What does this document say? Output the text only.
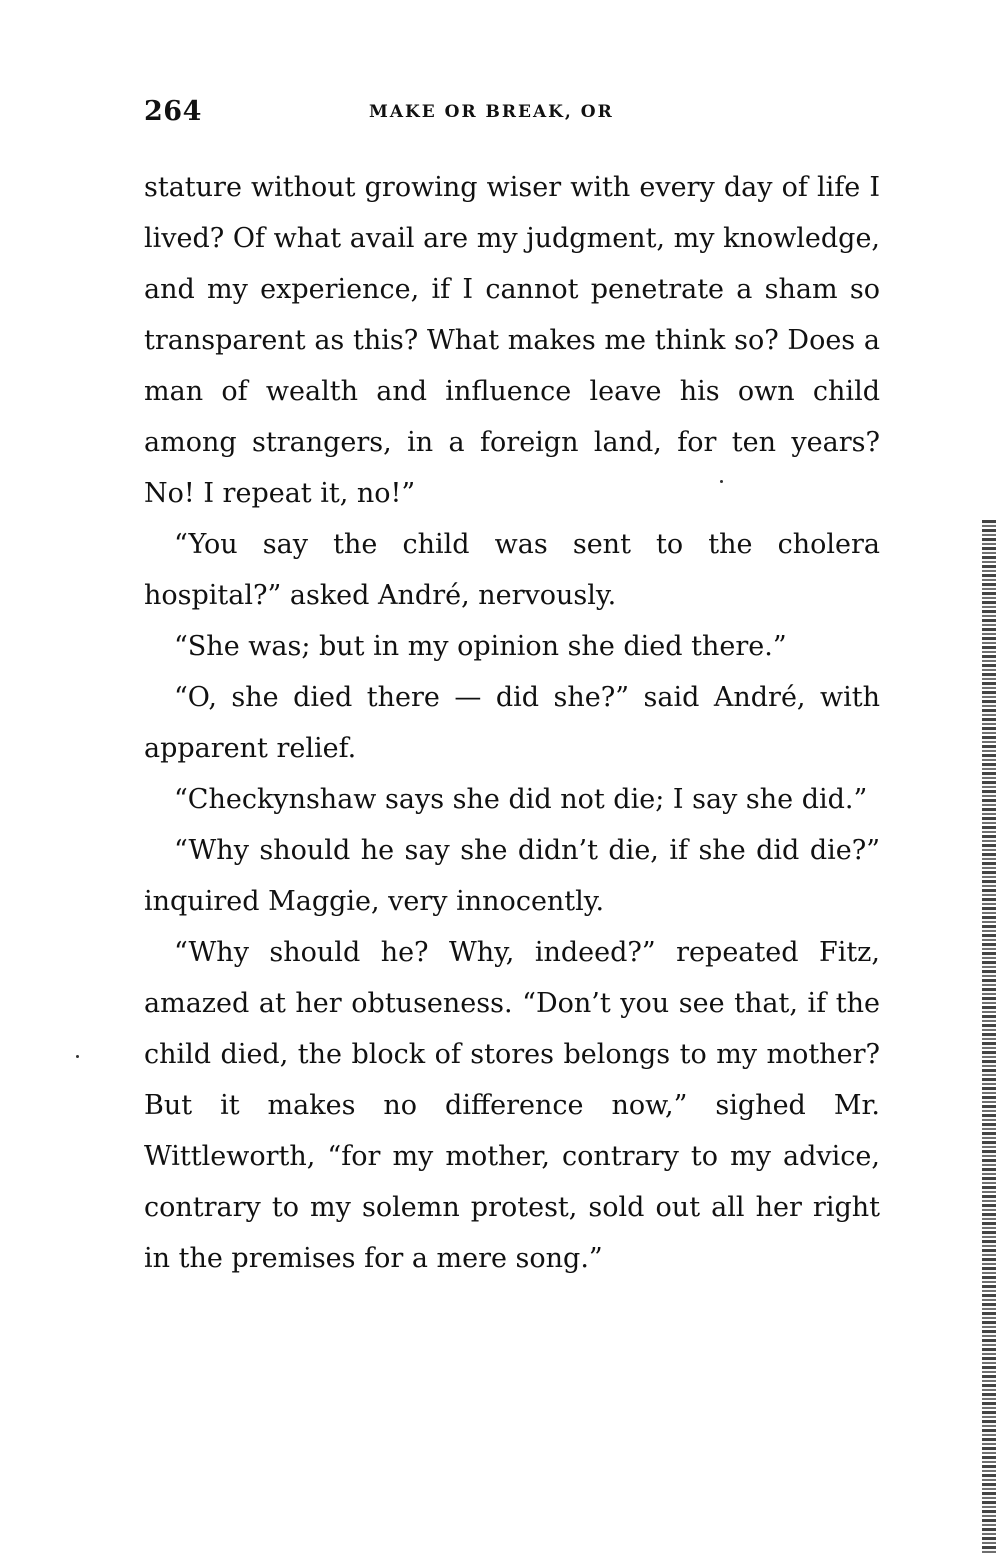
264	MAKE OR BREAK, OR

stature without growing wiser with every day of life I lived? Of what avail are my judgment, my knowledge, and my experience, if I cannot penetrate a sham so transparent as this? What makes me think so? Does a man of wealth and influence leave his own child among strangers, in a foreign land, for ten years? No! I repeat it, no!”

“You say the child was sent to the cholera hospital?” asked André, nervously.

“She was; but in my opinion she died there.”

“O, she died there — did she?” said André, with apparent relief.

“Checkynshaw says she did not die; I say she did.”

“Why should he say she didn’t die, if she did die?” inquired Maggie, very innocently.

“Why should he? Why, indeed?” repeated Fitz, amazed at her obtuseness. “Don’t you see that, if the child died, the block of stores belongs to my mother? But it makes no difference now,” sighed Mr. Wittleworth, “for my mother, contrary to my advice, contrary to my solemn protest, sold out all her right in the premises for a mere song.”
